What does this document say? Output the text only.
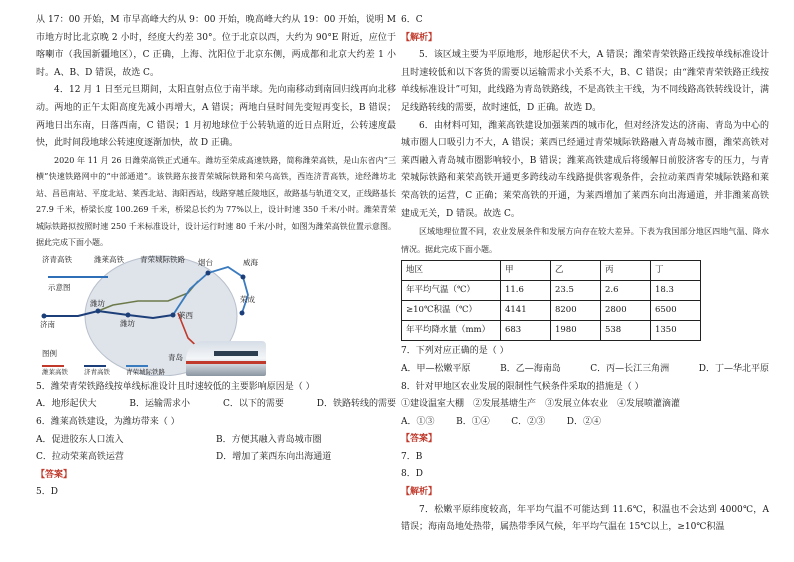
从 17：00 开始，M 市早高峰大约从 9：00 开始，晚高峰大约从 19：00 开始，说明 M 市地方时比北京晚 2 小时，经度大约差 30°。位于北京以西，大约为 90°E 附近，应位于喀喇市（我国新疆地区），C 正确，上海、沈阳位于北京东侧，两成都和北京大约差 1 小时。A、B、D 错误，故选 C。

4．12 月 1 日至元旦期间，太阳直射点位于南半球。先向南移动到南回归线再向北移动。两地的正午太阳高度先减小再增大，A 错误；两地白昼时间先变短再变长，B 错误；两地日出东南，日落西南，C 错误；1 月初地球位于公转轨道的近日点附近，公转速度最快，此时间段地球公转速度逐渐加快，故 D 正确。

2020 年 11 月 26 日潍荣高铁正式通车。潍坊至荣成高速铁路，简称潍荣高铁，是山东省内“三横”快速铁路网中的“中部通道”。该铁路东接青荣城际铁路和荣乌高铁，西连济青高铁，途经潍坊北站、昌邑南站、平度北站、莱西北站、海阳西站，线路穿越丘陵地区，故路基与轨道交叉，正线路基长 27.9 千米，桥梁长度 100.269 千米，桥梁总长约为 77%以上，设计时速 350 千米/小时。潍荣青荣城际铁路拟按照时速 250 千米标准设计，设计运行时速 80 千米/小时，如图为潍荣高铁位置示意图。据此完成下面小题。

济青高铁	潍莱高铁 青荣城际铁路 烟台	威海
荣成
示意图
济南
潍坊
潍坊
莱西
青岛
图例
潍莱高铁 济青高铁 青荣城际铁路

5．潍荣青荣铁路线按单线标准设计且时速较低的主要影响原因是（ ）

A．地形起伏大	B．运输需求小	C．以下的需要	D．铁路转线的需要

6．潍莱高铁建设，为潍坊带来（ ）

A．促进胶东人口流入	B．方便其融入青岛城市圈
C．拉动荣莱高铁运营	D．增加了莱西东向出海通道

【答案】

5．D

6．C

【解析】

5．该区域主要为平原地形，地形起伏不大，A 错误；潍荣青荣铁路正线按单线标准设计且时速较低和以下客货的需要以运输需求小关系不大，B、C 错误；由“潍荣青荣铁路正线按单线标准设计”可知，此线路为青岛铁路线，不是高铁主干线，为不同线路高铁转线设计，满足线路转线的需要，故时速低，D 正确。故选 D。

6．由材料可知，潍莱高铁建设加强莱西的城市化，但对经济发达的济南、青岛为中心的城市圈人口吸引力不大，A 错误；莱西已经通过青荣城际铁路融入青岛城市圈，潍荣高铁对莱西融入青岛城市圈影响较小，B 错误；潍莱高铁建成后将缓解日前胶济客专的压力，与青荣城际铁路和莱荣高铁开通更多跨线动车线路提供客观条件，会拉动莱西青荣城际铁路和莱荣高铁的运营，C 正确；莱荣高铁的开通，为莱西增加了莱西东向出海通道，并非潍莱高铁建成无关，D 错误。故选 C。

区域地理位置不同，农业发展条件和发展方向存在较大差异。下表为我国部分地区四地气温、降水情况。据此完成下面小题。

地区	甲	乙	丙	丁
年平均气温（℃）	11.6	23.5	2.6	18.3
≥10℃积温（℃）	4141	8200	2800	6500
年平均降水量（mm）	683	1980	538	1350

7．下列对应正确的是（ ）

A．甲—松嫩平原	B．乙—海南岛	C．丙—长江三角洲	D．丁—华北平原

8．针对甲地区农业发展的限制性气候条件采取的措施是（ ）

①建设温室大棚　②发展基塘生产　③发展立体农业　④发展喷灌滴灌

A．①③ B．①④ C．②③ D．②④

【答案】

7．B

8．D

【解析】

7．松嫩平原纬度较高，年平均气温不可能达到 11.6℃，积温也不会达到 4000℃，A 错误；海南岛地处热带，属热带季风气候，年平均气温在 15℃以上，≥10℃积温
